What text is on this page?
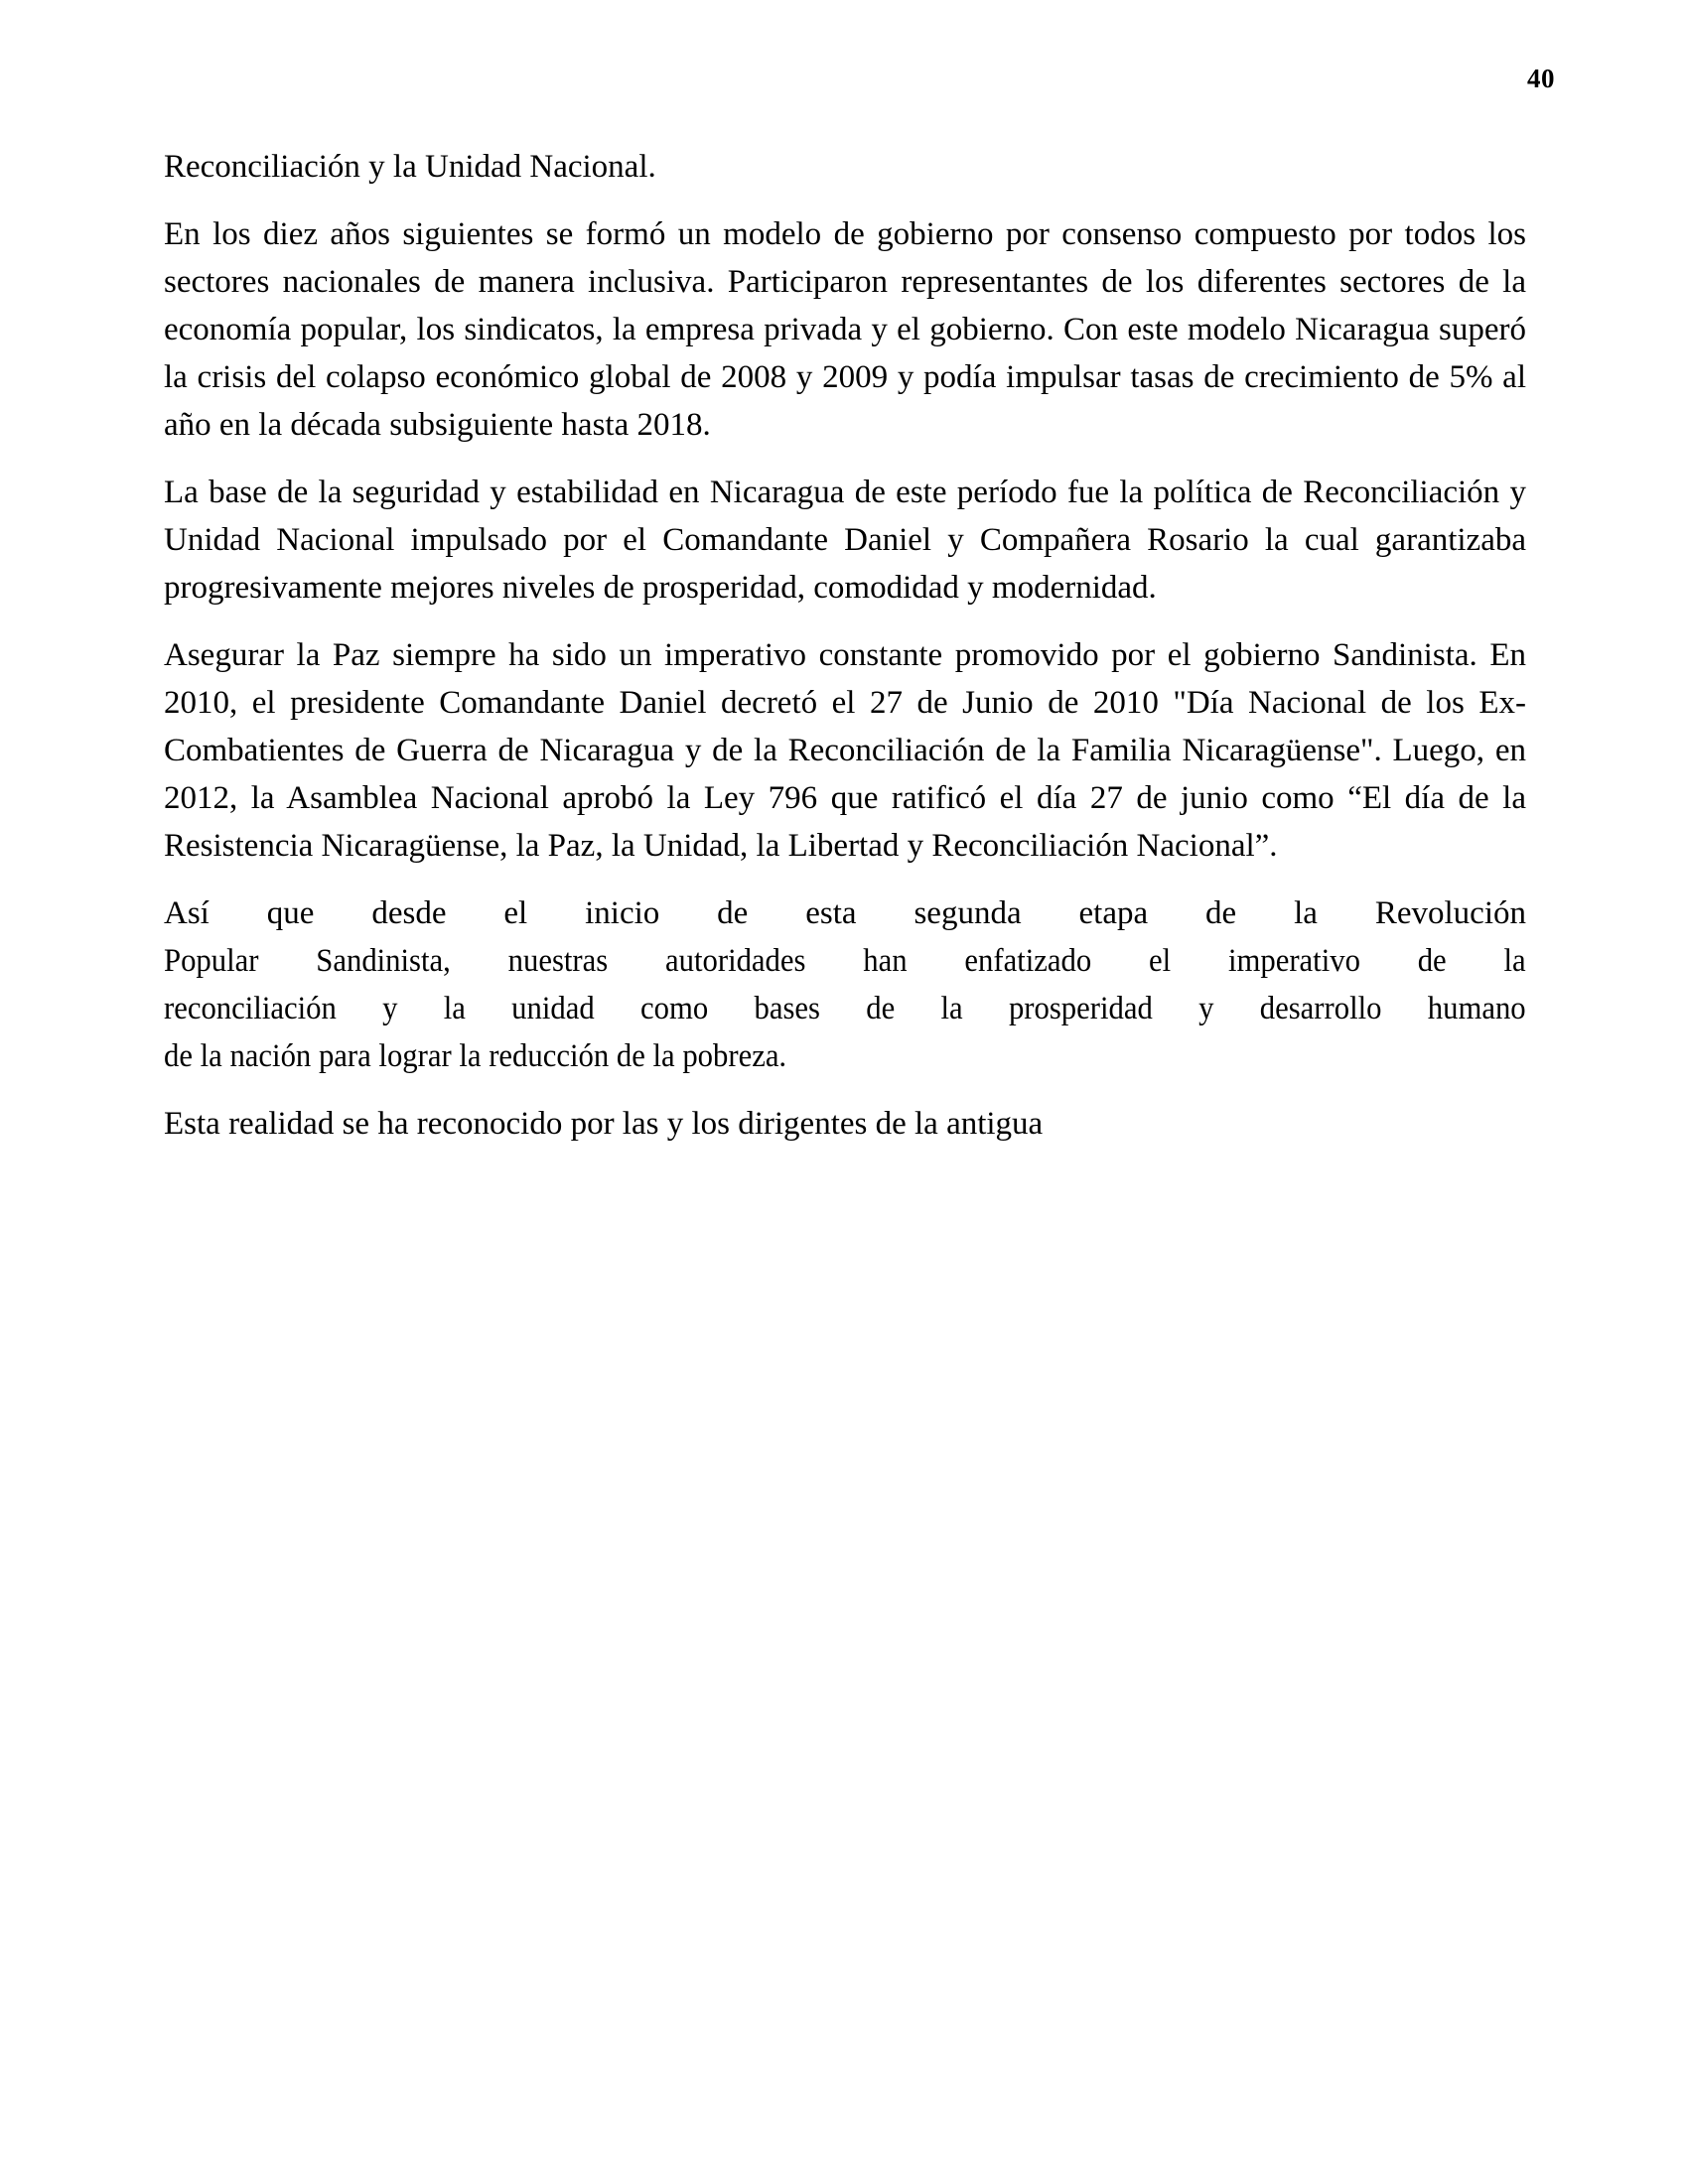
40

Reconciliación y la Unidad Nacional.

En los diez años siguientes se formó un modelo de gobierno por consenso compuesto por todos los sectores nacionales de manera inclusiva. Participaron representantes de los diferentes sectores de la economía popular, los sindicatos, la empresa privada y el gobierno. Con este modelo Nicaragua superó la crisis del colapso económico global de 2008 y 2009 y podía impulsar tasas de crecimiento de 5% al año en la década subsiguiente hasta 2018.

La base de la seguridad y estabilidad en Nicaragua de este período fue la política de Reconciliación y Unidad Nacional impulsado por el Comandante Daniel y Compañera Rosario la cual garantizaba progresivamente mejores niveles de prosperidad, comodidad y modernidad.

Asegurar la Paz siempre ha sido un imperativo constante promovido por el gobierno Sandinista. En 2010, el presidente Comandante Daniel decretó el 27 de Junio de 2010 "Día Nacional de los Ex-Combatientes de Guerra de Nicaragua y de la Reconciliación de la Familia Nicaragüense". Luego, en 2012, la Asamblea Nacional aprobó la Ley 796 que ratificó el día 27 de junio como “El día de la Resistencia Nicaragüense, la Paz, la Unidad, la Libertad y Reconciliación Nacional”.

Así que desde el inicio de esta segunda etapa de la Revolución
Popular Sandinista, nuestras autoridades han enfatizado el imperativo de la
reconciliación y la unidad como bases de la prosperidad y desarrollo humano
de la nación para lograr la reducción de la pobreza.

Esta realidad se ha reconocido por las y los dirigentes de la antigua
